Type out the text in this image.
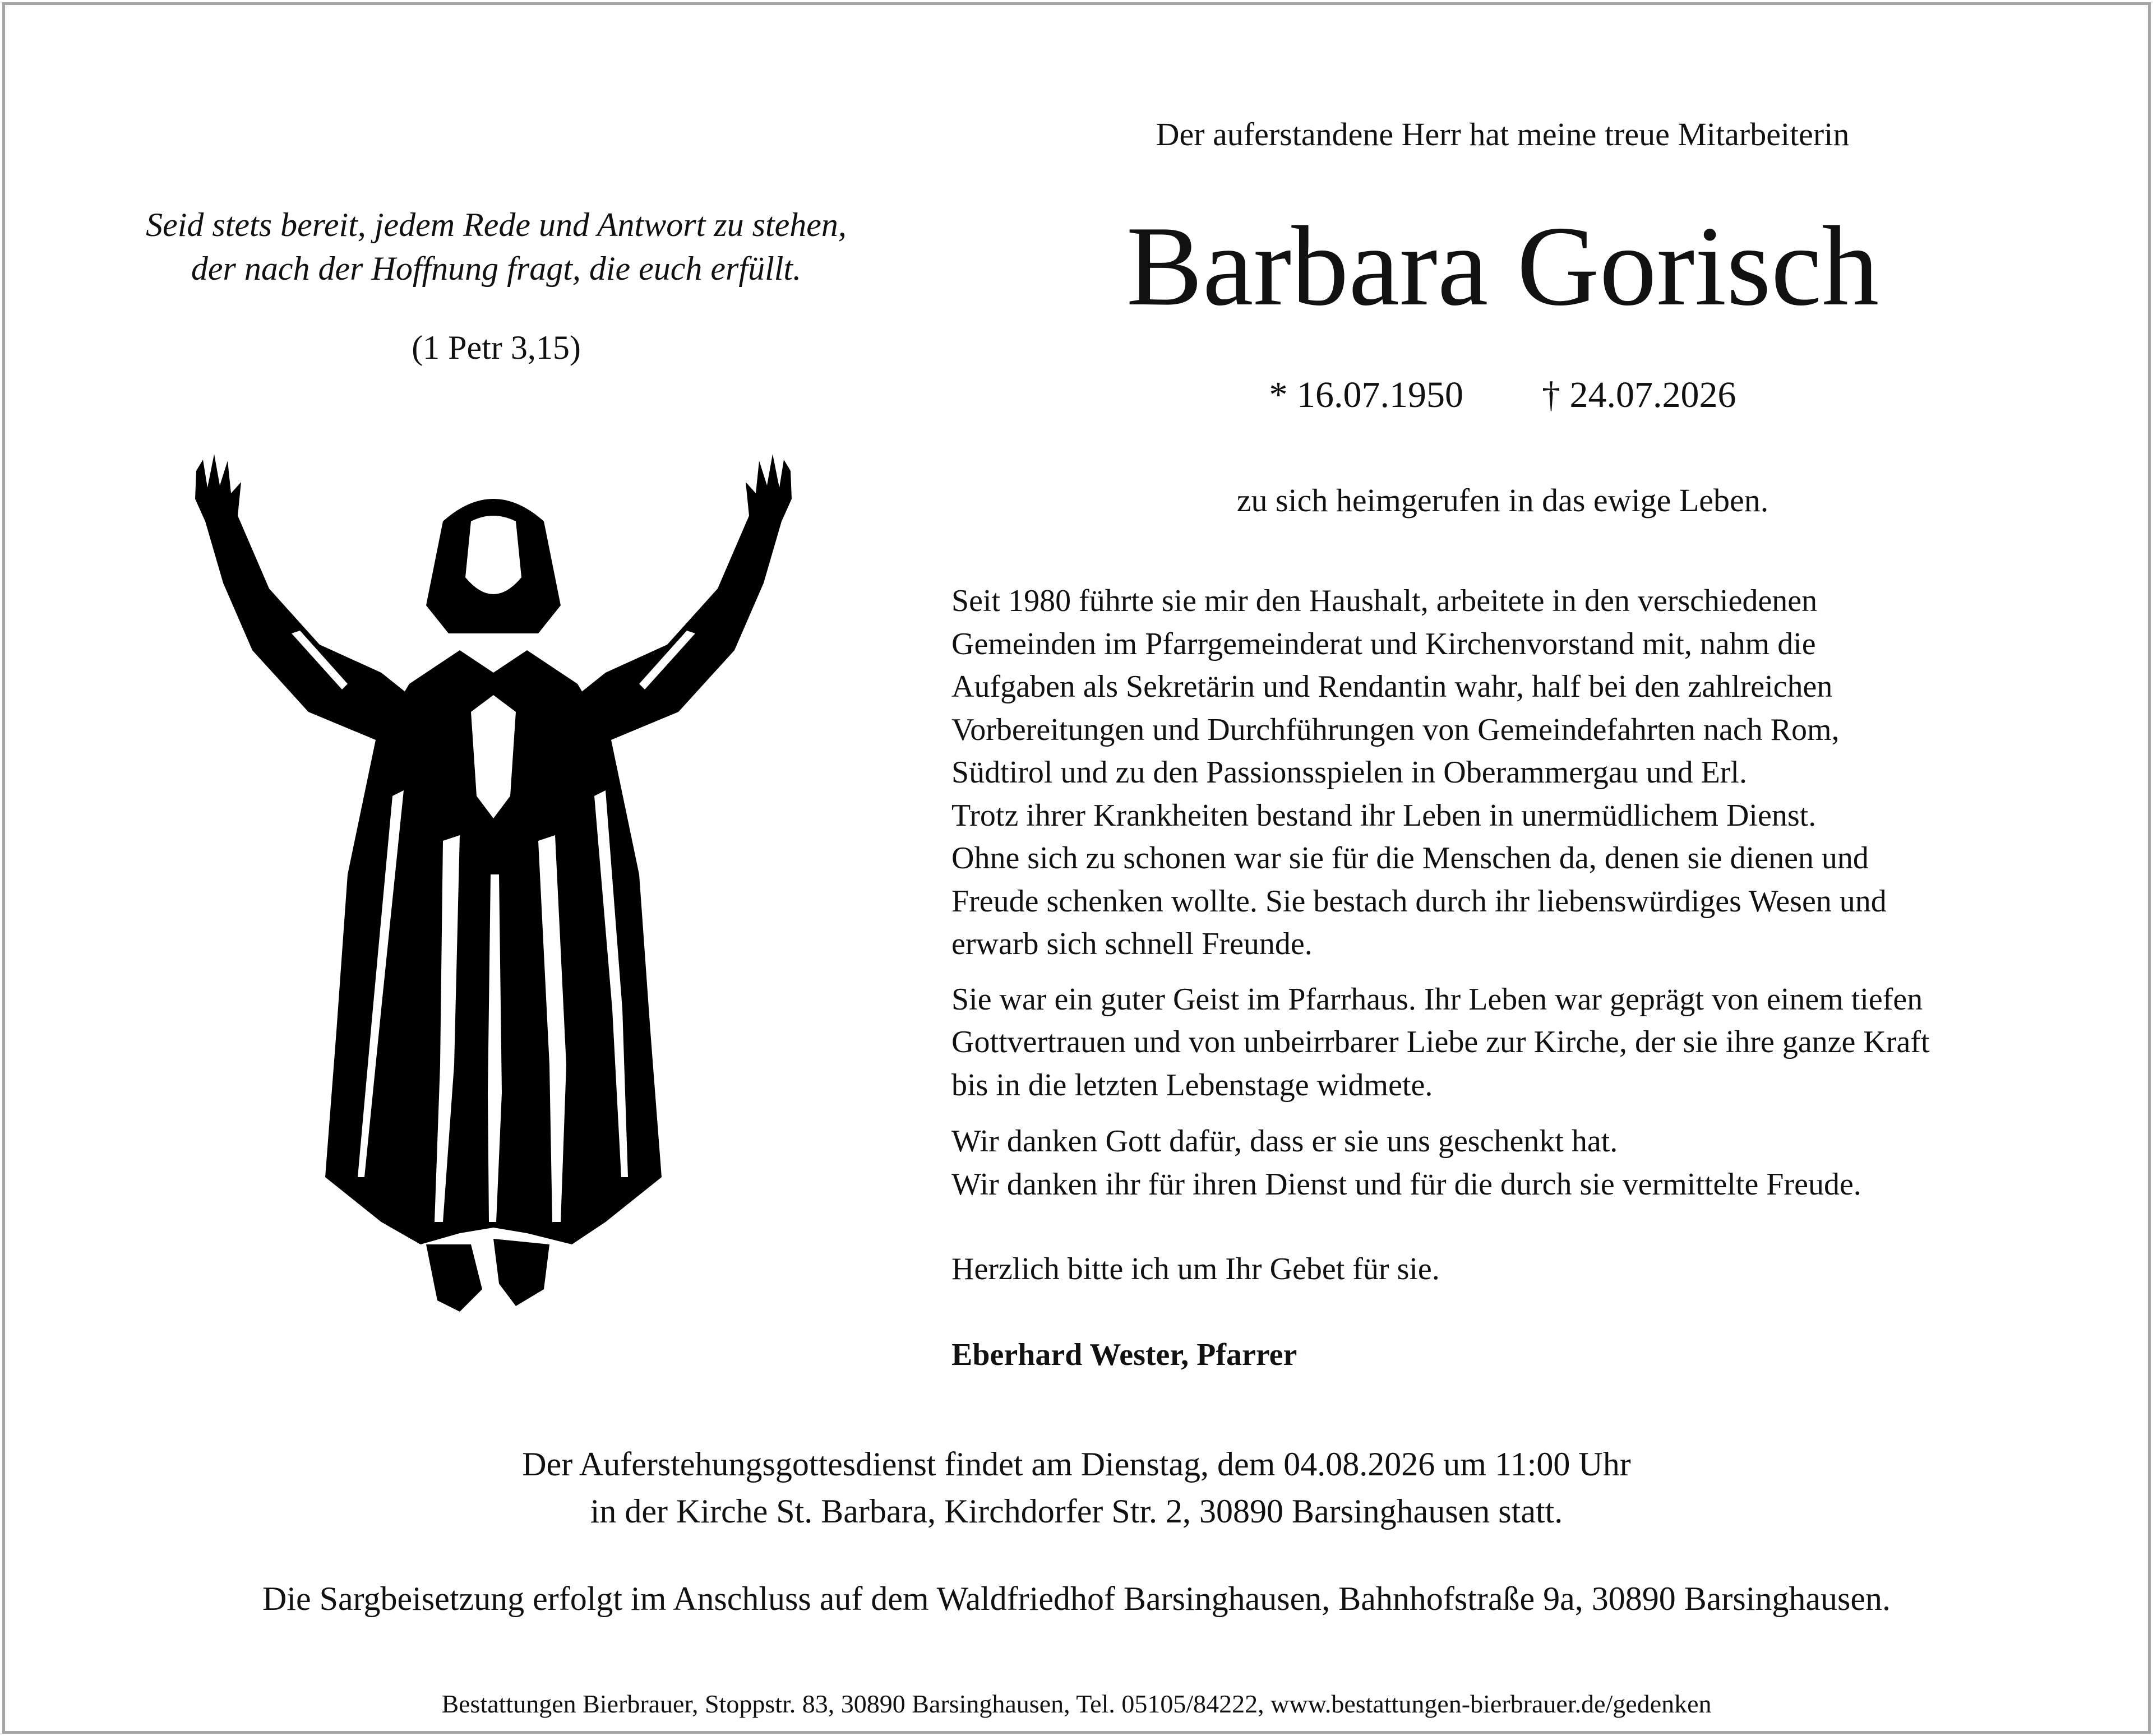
Der auferstandene Herr hat meine treue Mitarbeiterin
Barbara Gorisch
* 16.07.1950 † 24.07.2026
zu sich heimgerufen in das ewige Leben.

Seid stets bereit, jedem Rede und Antwort zu stehen,

der nach der Hoffnung fragt, die euch erfüllt.

(1 Petr 3,15)

Seit 1980 führte sie mir den Haushalt, arbeitete in den verschiedenen

Gemeinden im Pfarrgemeinderat und Kirchenvorstand mit, nahm die

Aufgaben als Sekretärin und Rendantin wahr, half bei den zahlreichen

Vorbereitungen und Durchführungen von Gemeindefahrten nach Rom,

Südtirol und zu den Passionsspielen in Oberammergau und Erl.

Trotz ihrer Krankheiten bestand ihr Leben in unermüdlichem Dienst.

Ohne sich zu schonen war sie für die Menschen da, denen sie dienen und

Freude schenken wollte. Sie bestach durch ihr liebenswürdiges Wesen und

erwarb sich schnell Freunde.

Sie war ein guter Geist im Pfarrhaus. Ihr Leben war geprägt von einem tiefen

Gottvertrauen und von unbeirrbarer Liebe zur Kirche, der sie ihre ganze Kraft

bis in die letzten Lebenstage widmete.

Wir danken Gott dafür, dass er sie uns geschenkt hat.

Wir danken ihr für ihren Dienst und für die durch sie vermittelte Freude.

Herzlich bitte ich um Ihr Gebet für sie.
Eberhard Wester, Pfarrer

Der Auferstehungsgottesdienst findet am Dienstag, dem 04.08.2026 um 11:00 Uhr

in der Kirche St. Barbara, Kirchdorfer Str. 2, 30890 Barsinghausen statt.

Die Sargbeisetzung erfolgt im Anschluss auf dem Waldfriedhof Barsinghausen, Bahnhofstraße 9a, 30890 Barsinghausen.
Bestattungen Bierbrauer, Stoppstr. 83, 30890 Barsinghausen, Tel. 05105/84222, www.bestattungen-bierbrauer.de/gedenken
